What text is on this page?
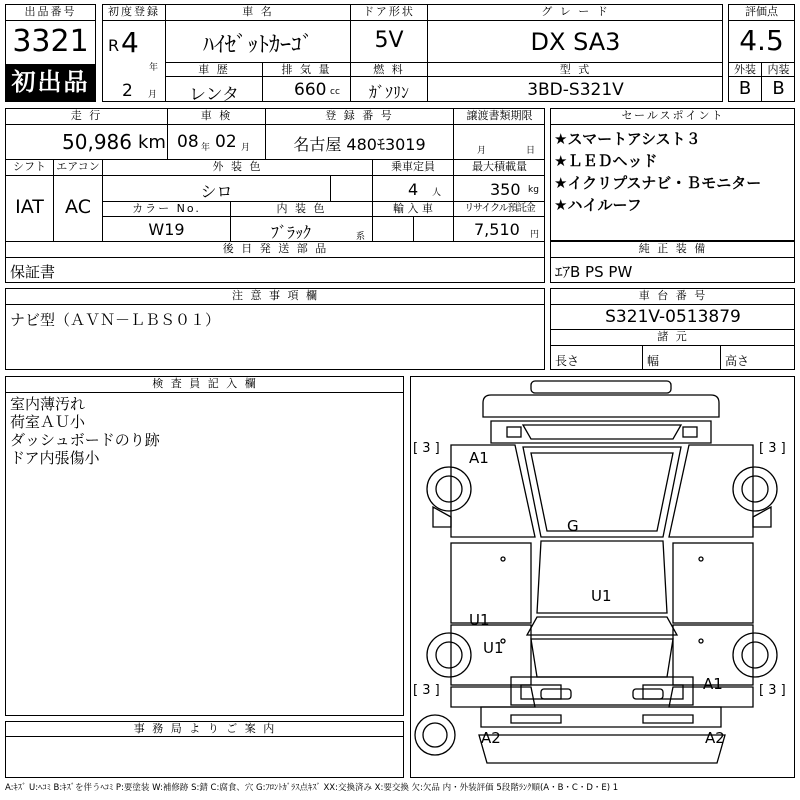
出品番号
3321
初出品
初度登録
R 4
年
2 月
車 名
ﾊｲｾﾞｯﾄｶｰｺﾞ
ドア形状
5V
グ レ ー ド
DX SA3
車 歴
レンタ
排 気 量
660 cc
燃 料
ｶﾞｿﾘﾝ
型 式
3BD-S321V
評価点
4.5
外装	内装
B	B
走 行
50,986 km
車 検
08 年 02 月
登 録 番 号
名古屋 480ﾓ3019
譲渡書類期限
月	日
シフト
IAT
エアコン
AC
外 装 色
シロ
乗車定員
4 人
最大積載量
350 kg
カラー No.
W19
内 装 色
ﾌﾞﾗｯｸ	系
輸 入 車	リサイクル預託金
7,510 円
後 日 発 送 部 品
保証書
セールスポイント
★スマートアシスト３
★ＬＥＤヘッド
★イクリプスナビ・Ｂモニター
★ハイルーフ
純 正 装 備
ｴｱB PS PW
注 意 事 項 欄
ナビ型（ＡＶＮ－ＬＢＳ０１）
車 台 番 号
S321V-0513879
諸 元
長さ	幅	高さ
検 査 員 記 入 欄
室内薄汚れ
荷室ＡＵ小
ダッシュボードのり跡
ドア内張傷小
事 務 局 よ り ご 案 内
[ 3 ]	[ 3 ]
[ 3 ]	[ 3 ]
A1
G
U1
U1
U1
A1
A2	A2
A:ｷｽﾞ U:ﾍｺﾐ B:ｷｽﾞを伴うﾍｺﾐ P:要塗装 W:補修跡 S:錆 C:腐食、穴 G:ﾌﾛﾝﾄｶﾞﾗｽ点ｷｽﾞ XX:交換済み X:要交換 欠:欠品 内・外装評価 5段階ﾗﾝｸ順(A・B・C・D・E) 1
